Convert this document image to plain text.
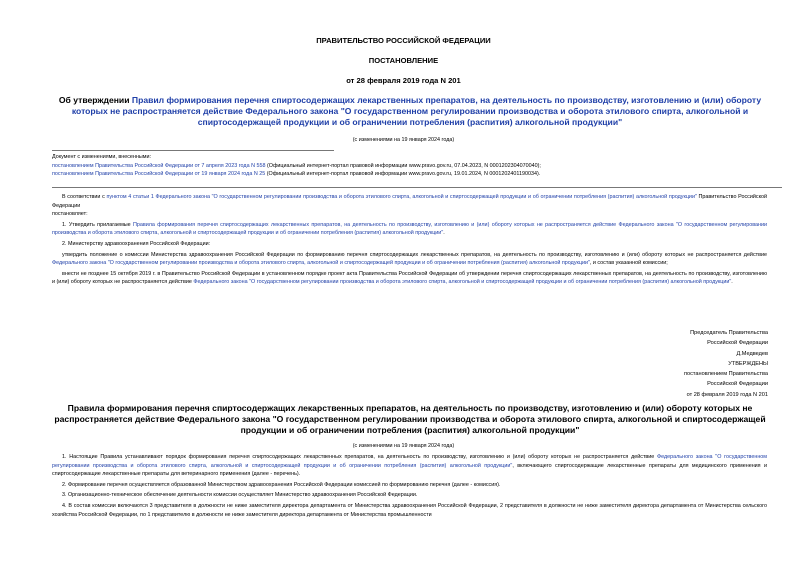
ПРАВИТЕЛЬСТВО РОССИЙСКОЙ ФЕДЕРАЦИИ
ПОСТАНОВЛЕНИЕ
от 28 февраля 2019 года N 201
Об утверждении Правил формирования перечня спиртосодержащих лекарственных препаратов, на деятельность по производству, изготовлению и (или) обороту которых не распространяется действие Федерального закона "О государственном регулировании производства и оборота этилового спирта, алкогольной и спиртосодержащей продукции и об ограничении потребления (распития) алкогольной продукции"
(с изменениями на 19 января 2024 года)

Документ с изменениями, внесенными:

постановлением Правительства Российской Федерации от 7 апреля 2023 года N 558 (Официальный интернет-портал правовой информации www.pravo.gov.ru, 07.04.2023, N 0001202304070040);

постановлением Правительства Российской Федерации от 19 января 2024 года N 25 (Официальный интернет-портал правовой информации www.pravo.gov.ru, 19.01.2024, N 0001202401190034).

В соответствии с пунктом 4 статьи 1 Федерального закона "О государственном регулировании производства и оборота этилового спирта, алкогольной и спиртосодержащей продукции и об ограничении потребления (распития) алкогольной продукции" Правительство Российской Федерации

постановляет:

1. Утвердить прилагаемые Правила формирования перечня спиртосодержащих лекарственных препаратов, на деятельность по производству, изготовлению и (или) обороту которых не распространяется действие Федерального закона "О государственном регулировании производства и оборота этилового спирта, алкогольной и спиртосодержащей продукции и об ограничении потребления (распития) алкогольной продукции".

2. Министерству здравоохранения Российской Федерации:

утвердить положение о комиссии Министерства здравоохранения Российской Федерации по формированию перечня спиртосодержащих лекарственных препаратов, на деятельность по производству, изготовлению и (или) обороту которых не распространяется действие Федерального закона "О государственном регулировании производства и оборота этилового спирта, алкогольной и спиртосодержащей продукции и об ограничении потребления (распития) алкогольной продукции", и состав указанной комиссии;

внести не позднее 15 октября 2019 г. в Правительство Российской Федерации в установленном порядке проект акта Правительства Российской Федерации об утверждении перечня спиртосодержащих лекарственных препаратов, на деятельность по производству, изготовлению и (или) обороту которых не распространяется действие Федерального закона "О государственном регулировании производства и оборота этилового спирта, алкогольной и спиртосодержащей продукции и об ограничении потребления (распития) алкогольной продукции".

Председатель Правительства

Российской Федерации

Д.Медведев

УТВЕРЖДЕНЫ

постановлением Правительства

Российской Федерации

от 28 февраля 2019 года N 201

Правила формирования перечня спиртосодержащих лекарственных препаратов, на деятельность по производству, изготовлению и (или) обороту которых не распространяется действие Федерального закона "О государственном регулировании производства и оборота этилового спирта, алкогольной и спиртосодержащей продукции и об ограничении потребления (распития) алкогольной продукции"
(с изменениями на 19 января 2024 года)

1. Настоящие Правила устанавливают порядок формирования перечня спиртосодержащих лекарственных препаратов, на деятельность по производству, изготовлению и (или) обороту которых не распространяется действие Федерального закона "О государственном регулировании производства и оборота этилового спирта, алкогольной и спиртосодержащей продукции и об ограничении потребления (распития) алкогольной продукции", включающего спиртосодержащие лекарственные препараты для медицинского применения и спиртосодержащие лекарственные препараты для ветеринарного применения (далее - перечень).

2. Формирование перечня осуществляется образованной Министерством здравоохранения Российской Федерации комиссией по формированию перечня (далее - комиссия).

3. Организационно-техническое обеспечение деятельности комиссии осуществляет Министерство здравоохранения Российской Федерации.

4. В состав комиссии включаются 3 представителя в должности не ниже заместителя директора департамента от Министерства здравоохранения Российской Федерации, 2 представителя в должности не ниже заместителя директора департамента от Министерства сельского хозяйства Российской Федерации, по 1 представителю в должности не ниже заместителя директора департамента от Министерства промышленности
